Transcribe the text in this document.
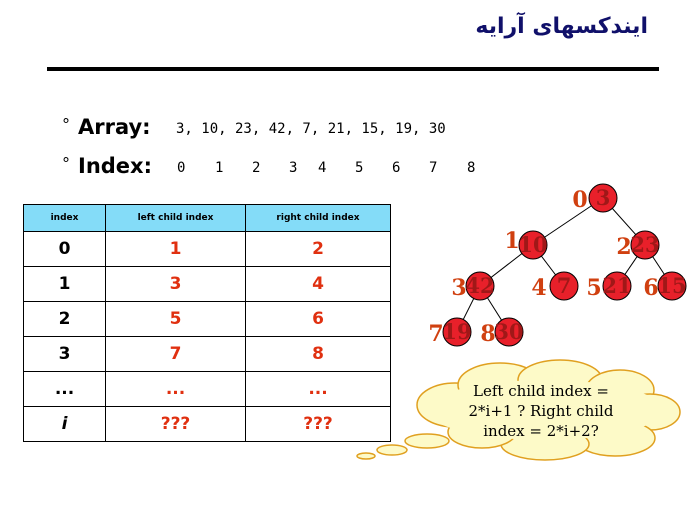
ایندکسهای آرایه
° Array: 3, 10, 23, 42, 7, 21, 15, 19, 30
° Index: 0 1 2 3 4 5 6 7 8
index	left child index	right child index
0	1	2
1	3	4
2	5	6
3	7	8
...	...	...
i	???	???
3
0
10
1	23
2
42
3	7
4	21
5	15
6
19
7 30
8
Left child index =
2*i+1 ? Right child
index = 2*i+2?
